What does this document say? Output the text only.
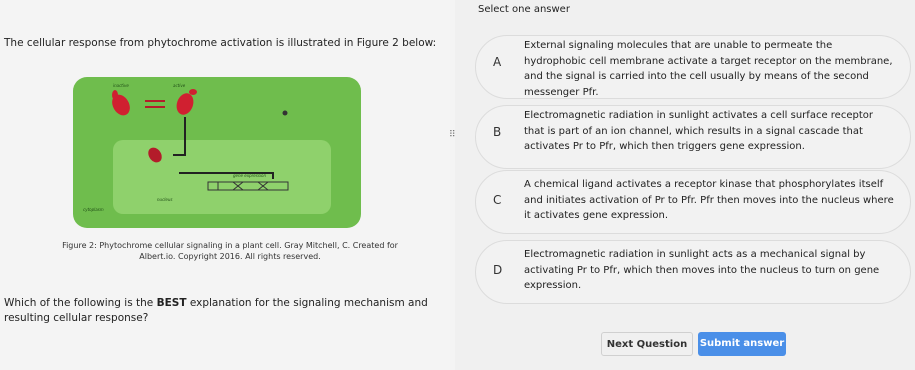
The cellular response from phytochrome activation is illustrated in Figure 2 below:
inactive	active
gene expression
nucleus
cytoplasm
Figure 2: Phytochrome cellular signaling in a plant cell. Gray Mitchell, C. Created for Albert.io. Copyright 2016. All rights reserved.
Which of the following is the BEST explanation for the signaling mechanism and resulting cellular response?
Select one answer
⠿
A
External signaling molecules that are unable to permeate the hydrophobic cell membrane activate a target receptor on the membrane, and the signal is carried into the cell usually by means of the second messenger Pfr.
B
Electromagnetic radiation in sunlight activates a cell surface receptor that is part of an ion channel, which results in a signal cascade that activates Pr to Pfr, which then triggers gene expression.
C
A chemical ligand activates a receptor kinase that phosphorylates itself and initiates activation of Pr to Pfr. Pfr then moves into the nucleus where it activates gene expression.
D
Electromagnetic radiation in sunlight acts as a mechanical signal by activating Pr to Pfr, which then moves into the nucleus to turn on gene expression.
Next Question	Submit answer
